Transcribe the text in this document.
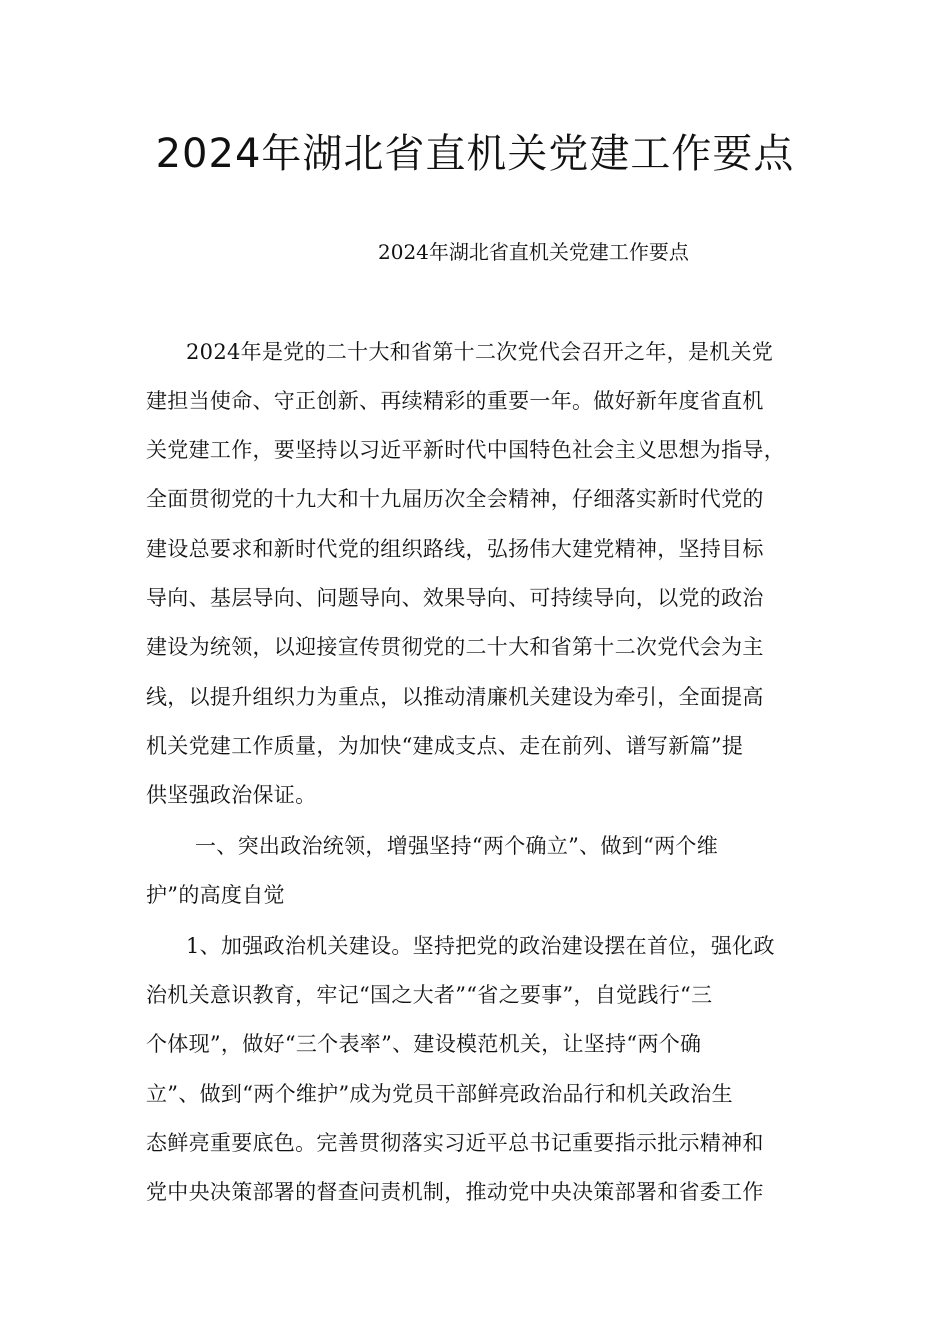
2024年湖北省直机关党建工作要点
2024年湖北省直机关党建工作要点
2024年是党的二十大和省第十二次党代会召开之年，是机关党
建担当使命、守正创新、再续精彩的重要一年。做好新年度省直机
关党建工作，要坚持以习近平新时代中国特色社会主义思想为指导，
全面贯彻党的十九大和十九届历次全会精神，仔细落实新时代党的
建设总要求和新时代党的组织路线，弘扬伟大建党精神，坚持目标
导向、基层导向、问题导向、效果导向、可持续导向，以党的政治
建设为统领，以迎接宣传贯彻党的二十大和省第十二次党代会为主
线，以提升组织力为重点，以推动清廉机关建设为牵引，全面提高
机关党建工作质量，为加快“建成支点、走在前列、谱写新篇”提
供坚强政治保证。
一、突出政治统领，增强坚持“两个确立”、做到“两个维
护”的高度自觉
1、加强政治机关建设。坚持把党的政治建设摆在首位，强化政
治机关意识教育，牢记“国之大者”“省之要事”，自觉践行“三
个体现”，做好“三个表率”、建设模范机关，让坚持“两个确
立”、做到“两个维护”成为党员干部鲜亮政治品行和机关政治生
态鲜亮重要底色。完善贯彻落实习近平总书记重要指示批示精神和
党中央决策部署的督查问责机制，推动党中央决策部署和省委工作
